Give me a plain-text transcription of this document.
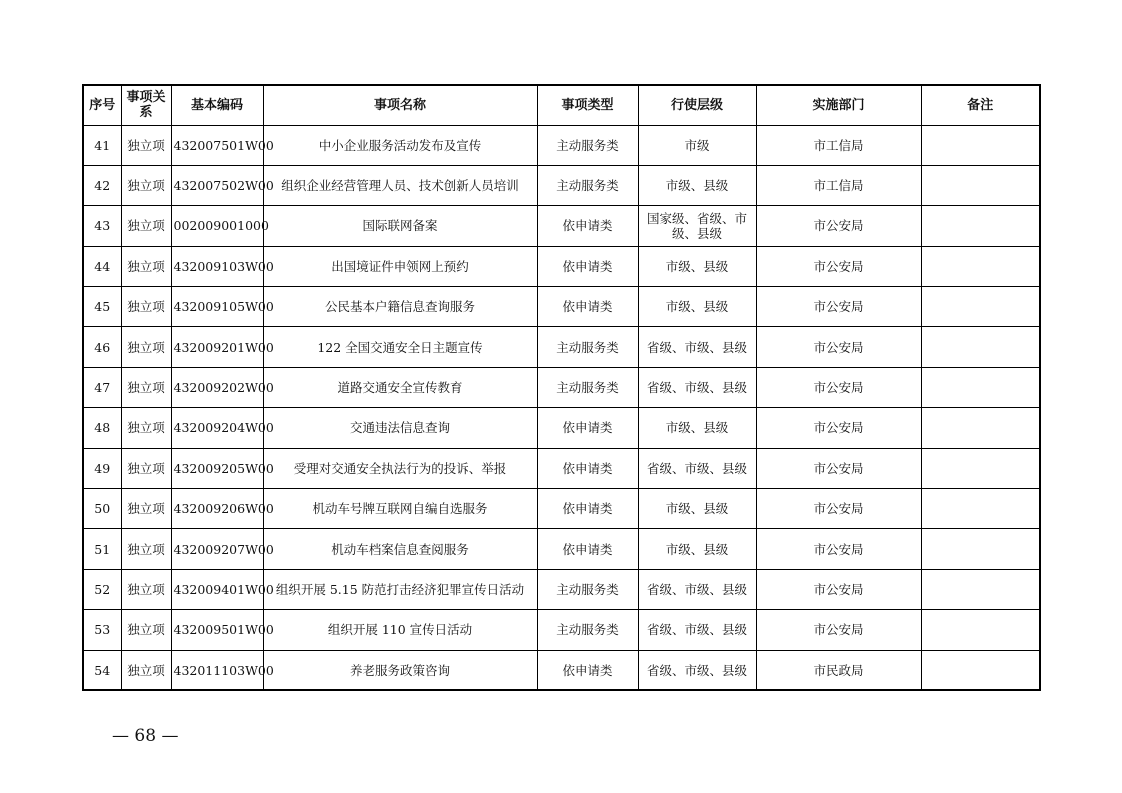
序号	事项关系	基本编码	事项名称	事项类型	行使层级	实施部门	备注
41	独立项	432007501W00	中小企业服务活动发布及宣传	主动服务类	市级	市工信局	
42	独立项	432007502W00	组织企业经营管理人员、技术创新人员培训	主动服务类	市级、县级	市工信局	
43	独立项	002009001000	国际联网备案	依申请类	国家级、省级、市级、县级	市公安局	
44	独立项	432009103W00	出国境证件申领网上预约	依申请类	市级、县级	市公安局	
45	独立项	432009105W00	公民基本户籍信息查询服务	依申请类	市级、县级	市公安局	
46	独立项	432009201W00	122 全国交通安全日主题宣传	主动服务类	省级、市级、县级	市公安局	
47	独立项	432009202W00	道路交通安全宣传教育	主动服务类	省级、市级、县级	市公安局	
48	独立项	432009204W00	交通违法信息查询	依申请类	市级、县级	市公安局	
49	独立项	432009205W00	受理对交通安全执法行为的投诉、举报	依申请类	省级、市级、县级	市公安局	
50	独立项	432009206W00	机动车号牌互联网自编自选服务	依申请类	市级、县级	市公安局	
51	独立项	432009207W00	机动车档案信息查阅服务	依申请类	市级、县级	市公安局	
52	独立项	432009401W00	组织开展 5.15 防范打击经济犯罪宣传日活动	主动服务类	省级、市级、县级	市公安局	
53	独立项	432009501W00	组织开展 110 宣传日活动	主动服务类	省级、市级、县级	市公安局	
54	独立项	432011103W00	养老服务政策咨询	依申请类	省级、市级、县级	市民政局	
— 68 —
